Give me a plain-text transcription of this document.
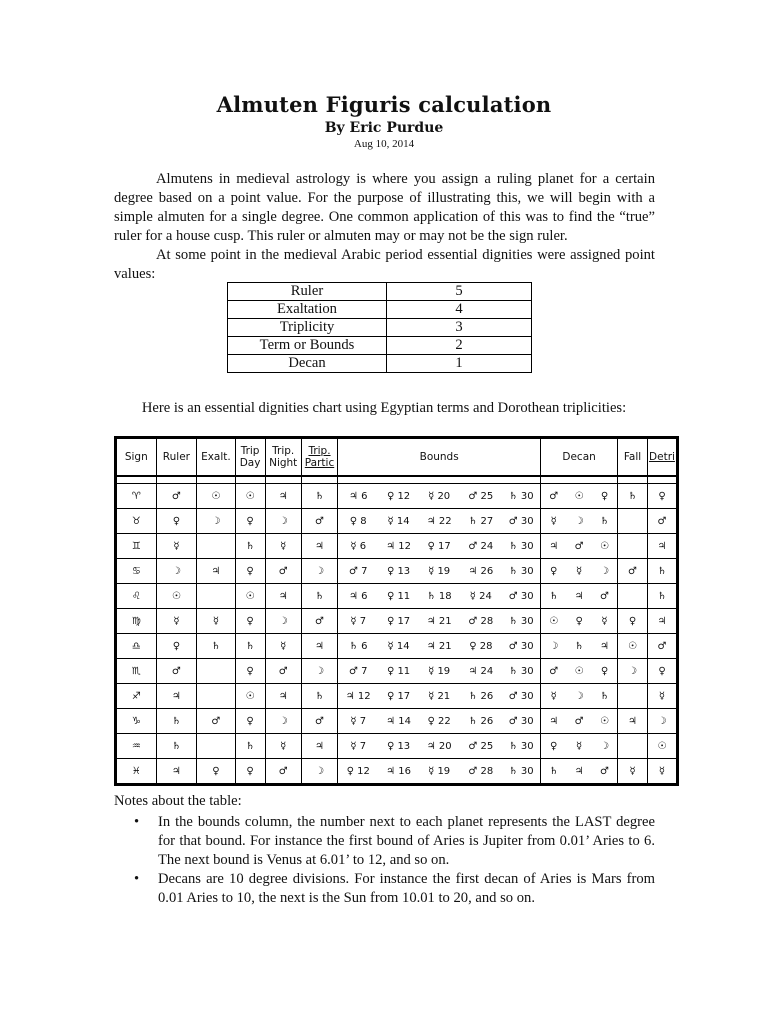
Almuten Figuris calculation
By Eric Purdue
Aug 10, 2014

Almutens in medieval astrology is where you assign a ruling planet for a certain degree based on a point value. For the purpose of illustrating this, we will begin with a simple almuten for a single degree. One common application of this was to find the “true” ruler for a house cusp. This ruler or almuten may or may not be the sign ruler.

At some point in the medieval Arabic period essential dignities were assigned point values:

Ruler	5
Exaltation	4
Triplicity	3
Term or Bounds	2
Decan	1
Here is an essential dignities chart using Egyptian terms and Dorothean triplicities:
Sign	Ruler	Exalt.	Trip Day	Trip. Night	Trip. Partic	Bounds					Decan			Fall	Detri

♈	♂	☉	☉	♃	♄	♃ 6	♀ 12	☿ 20	♂ 25	♄ 30	♂	☉	♀	♄	♀
♉	♀	☽	♀	☽	♂	♀ 8	☿ 14	♃ 22	♄ 27	♂ 30	☿	☽	♄		♂
♊	☿		♄	☿	♃	☿ 6	♃ 12	♀ 17	♂ 24	♄ 30	♃	♂	☉		♃
♋	☽	♃	♀	♂	☽	♂ 7	♀ 13	☿ 19	♃ 26	♄ 30	♀	☿	☽	♂	♄
♌	☉		☉	♃	♄	♃ 6	♀ 11	♄ 18	☿ 24	♂ 30	♄	♃	♂		♄
♍	☿	☿	♀	☽	♂	☿ 7	♀ 17	♃ 21	♂ 28	♄ 30	☉	♀	☿	♀	♃
♎	♀	♄	♄	☿	♃	♄ 6	☿ 14	♃ 21	♀ 28	♂ 30	☽	♄	♃	☉	♂
♏	♂		♀	♂	☽	♂ 7	♀ 11	☿ 19	♃ 24	♄ 30	♂	☉	♀	☽	♀
♐	♃		☉	♃	♄	♃ 12	♀ 17	☿ 21	♄ 26	♂ 30	☿	☽	♄		☿
♑	♄	♂	♀	☽	♂	☿ 7	♃ 14	♀ 22	♄ 26	♂ 30	♃	♂	☉	♃	☽
♒	♄		♄	☿	♃	☿ 7	♀ 13	♃ 20	♂ 25	♄ 30	♀	☿	☽		☉
♓	♃	♀	♀	♂	☽	♀ 12	♃ 16	☿ 19	♂ 28	♄ 30	♄	♃	♂	☿	☿
Notes about the table:
• In the bounds column, the number next to each planet represents the LAST degree for that bound. For instance the first bound of Aries is Jupiter from 0.01’ Aries to 6. The next bound is Venus at 6.01’ to 12, and so on.
• Decans are 10 degree divisions. For instance the first decan of Aries is Mars from 0.01 Aries to 10, the next is the Sun from 10.01 to 20, and so on.
